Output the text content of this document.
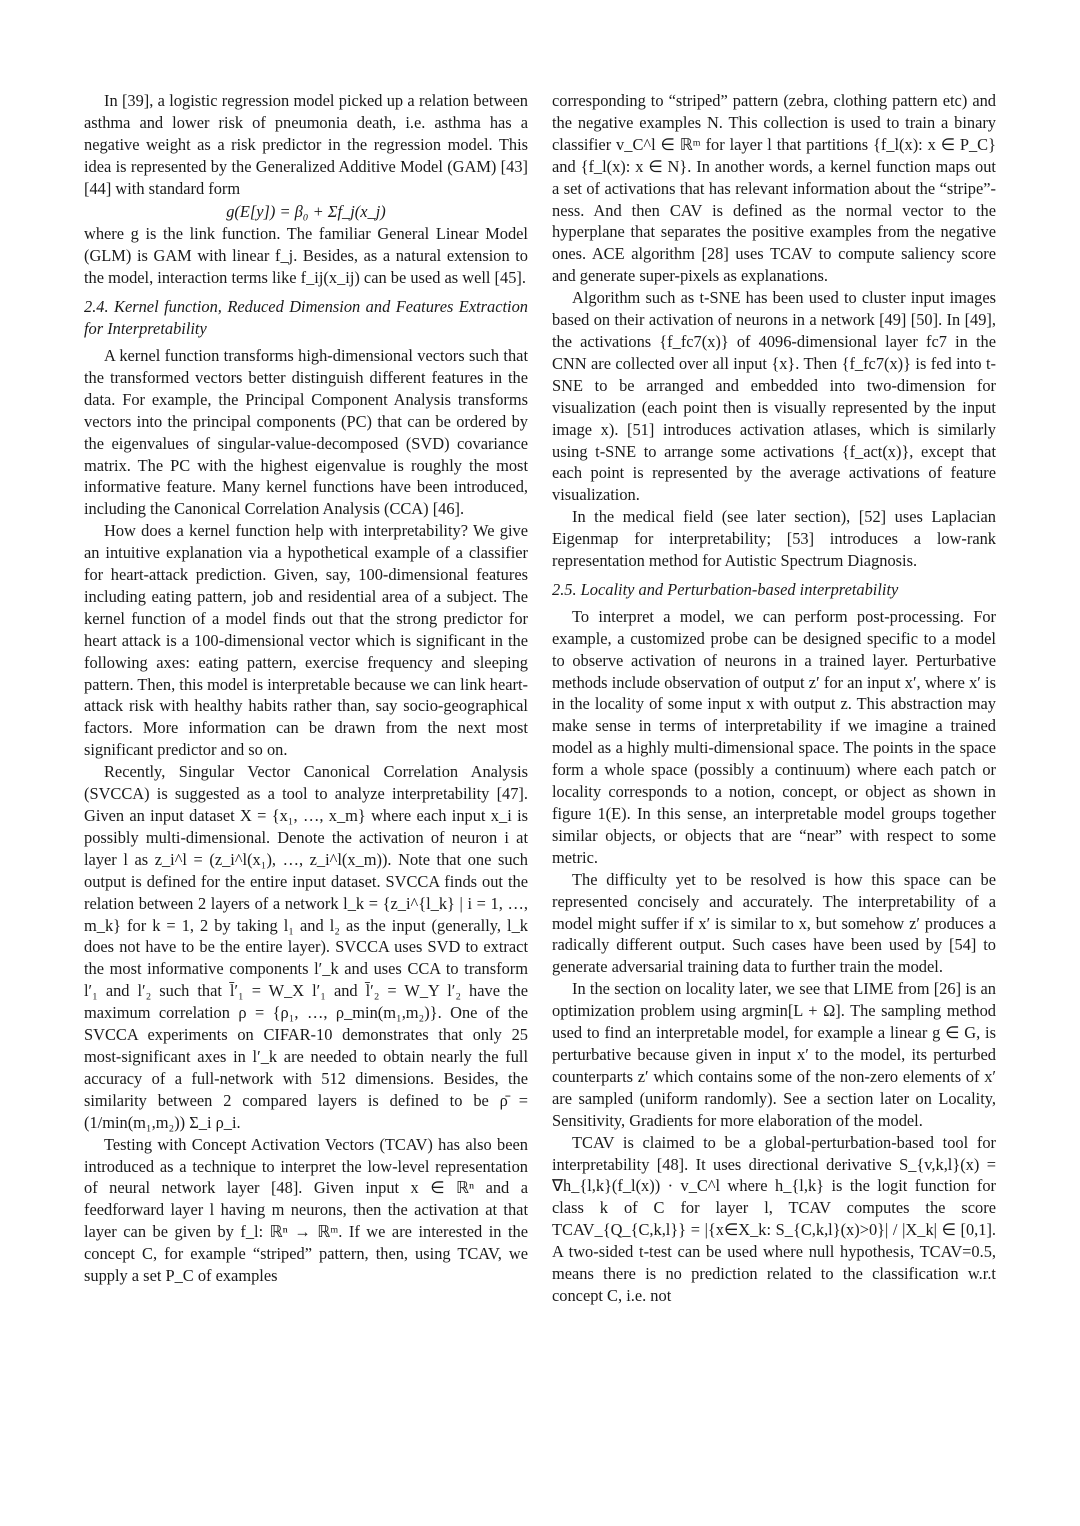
In [39], a logistic regression model picked up a relation between asthma and lower risk of pneumonia death, i.e. asthma has a negative weight as a risk predictor in the regression model. This idea is represented by the Generalized Additive Model (GAM) [43] [44] with standard form

g(E[y]) = β₀ + Σf_j(x_j)

where g is the link function. The familiar General Linear Model (GLM) is GAM with linear f_j. Besides, as a natural extension to the model, interaction terms like f_ij(x_ij) can be used as well [45].

2.4. Kernel function, Reduced Dimension and Features Extraction for Interpretability

A kernel function transforms high-dimensional vectors such that the transformed vectors better distinguish different features in the data. For example, the Principal Component Analysis transforms vectors into the principal components (PC) that can be ordered by the eigenvalues of singular-value-decomposed (SVD) covariance matrix. The PC with the highest eigenvalue is roughly the most informative feature. Many kernel functions have been introduced, including the Canonical Correlation Analysis (CCA) [46].

How does a kernel function help with interpretability? We give an intuitive explanation via a hypothetical example of a classifier for heart-attack prediction. Given, say, 100-dimensional features including eating pattern, job and residential area of a subject. The kernel function of a model finds out that the strong predictor for heart attack is a 100-dimensional vector which is significant in the following axes: eating pattern, exercise frequency and sleeping pattern. Then, this model is interpretable because we can link heart-attack risk with healthy habits rather than, say socio-geographical factors. More information can be drawn from the next most significant predictor and so on.

Recently, Singular Vector Canonical Correlation Analysis (SVCCA) is suggested as a tool to analyze interpretability [47]. Given an input dataset X = {x₁, …, x_m} where each input x_i is possibly multi-dimensional. Denote the activation of neuron i at layer l as z_i^l = (z_i^l(x₁), …, z_i^l(x_m)). Note that one such output is defined for the entire input dataset. SVCCA finds out the relation between 2 layers of a network l_k = {z_i^{l_k} | i = 1, …, m_k} for k = 1, 2 by taking l₁ and l₂ as the input (generally, l_k does not have to be the entire layer). SVCCA uses SVD to extract the most informative components l′_k and uses CCA to transform l′₁ and l′₂ such that l̄′₁ = W_X l′₁ and l̄′₂ = W_Y l′₂ have the maximum correlation ρ = {ρ₁, …, ρ_min(m₁,m₂)}. One of the SVCCA experiments on CIFAR-10 demonstrates that only 25 most-significant axes in l′_k are needed to obtain nearly the full accuracy of a full-network with 512 dimensions. Besides, the similarity between 2 compared layers is defined to be ρ̄ = (1/min(m₁,m₂)) Σ_i ρ_i.

Testing with Concept Activation Vectors (TCAV) has also been introduced as a technique to interpret the low-level representation of neural network layer [48]. Given input x ∈ ℝⁿ and a feedforward layer l having m neurons, then the activation at that layer can be given by f_l: ℝⁿ → ℝᵐ. If we are interested in the concept C, for example “striped” pattern, then, using TCAV, we supply a set P_C of examples

corresponding to “striped” pattern (zebra, clothing pattern etc) and the negative examples N. This collection is used to train a binary classifier v_C^l ∈ ℝᵐ for layer l that partitions {f_l(x): x ∈ P_C} and {f_l(x): x ∈ N}. In another words, a kernel function maps out a set of activations that has relevant information about the “stripe”-ness. And then CAV is defined as the normal vector to the hyperplane that separates the positive examples from the negative ones. ACE algorithm [28] uses TCAV to compute saliency score and generate super-pixels as explanations.

Algorithm such as t-SNE has been used to cluster input images based on their activation of neurons in a network [49] [50]. In [49], the activations {f_fc7(x)} of 4096-dimensional layer fc7 in the CNN are collected over all input {x}. Then {f_fc7(x)} is fed into t-SNE to be arranged and embedded into two-dimension for visualization (each point then is visually represented by the input image x). [51] introduces activation atlases, which is similarly using t-SNE to arrange some activations {f_act(x)}, except that each point is represented by the average activations of feature visualization.

In the medical field (see later section), [52] uses Laplacian Eigenmap for interpretability; [53] introduces a low-rank representation method for Autistic Spectrum Diagnosis.

2.5. Locality and Perturbation-based interpretability

To interpret a model, we can perform post-processing. For example, a customized probe can be designed specific to a model to observe activation of neurons in a trained layer. Perturbative methods include observation of output z′ for an input x′, where x′ is in the locality of some input x with output z. This abstraction may make sense in terms of interpretability if we imagine a trained model as a highly multi-dimensional space. The points in the space form a whole space (possibly a continuum) where each patch or locality corresponds to a notion, concept, or object as shown in figure 1(E). In this sense, an interpretable model groups together similar objects, or objects that are “near” with respect to some metric.

The difficulty yet to be resolved is how this space can be represented concisely and accurately. The interpretability of a model might suffer if x′ is similar to x, but somehow z′ produces a radically different output. Such cases have been used by [54] to generate adversarial training data to further train the model.

In the section on locality later, we see that LIME from [26] is an optimization problem using argmin[L + Ω]. The sampling method used to find an interpretable model, for example a linear g ∈ G, is perturbative because given in input x′ to the model, its perturbed counterparts z′ which contains some of the non-zero elements of x′ are sampled (uniform randomly). See a section later on Locality, Sensitivity, Gradients for more elaboration of the model.

TCAV is claimed to be a global-perturbation-based tool for interpretability [48]. It uses directional derivative S_{v,k,l}(x) = ∇h_{l,k}(f_l(x)) · v_C^l where h_{l,k} is the logit function for class k of C for layer l, TCAV computes the score TCAV_{Q_{C,k,l}} = |{x∈X_k: S_{C,k,l}(x)>0}| / |X_k| ∈ [0,1]. A two-sided t-test can be used where null hypothesis, TCAV=0.5, means there is no prediction related to the classification w.r.t concept C, i.e. not
